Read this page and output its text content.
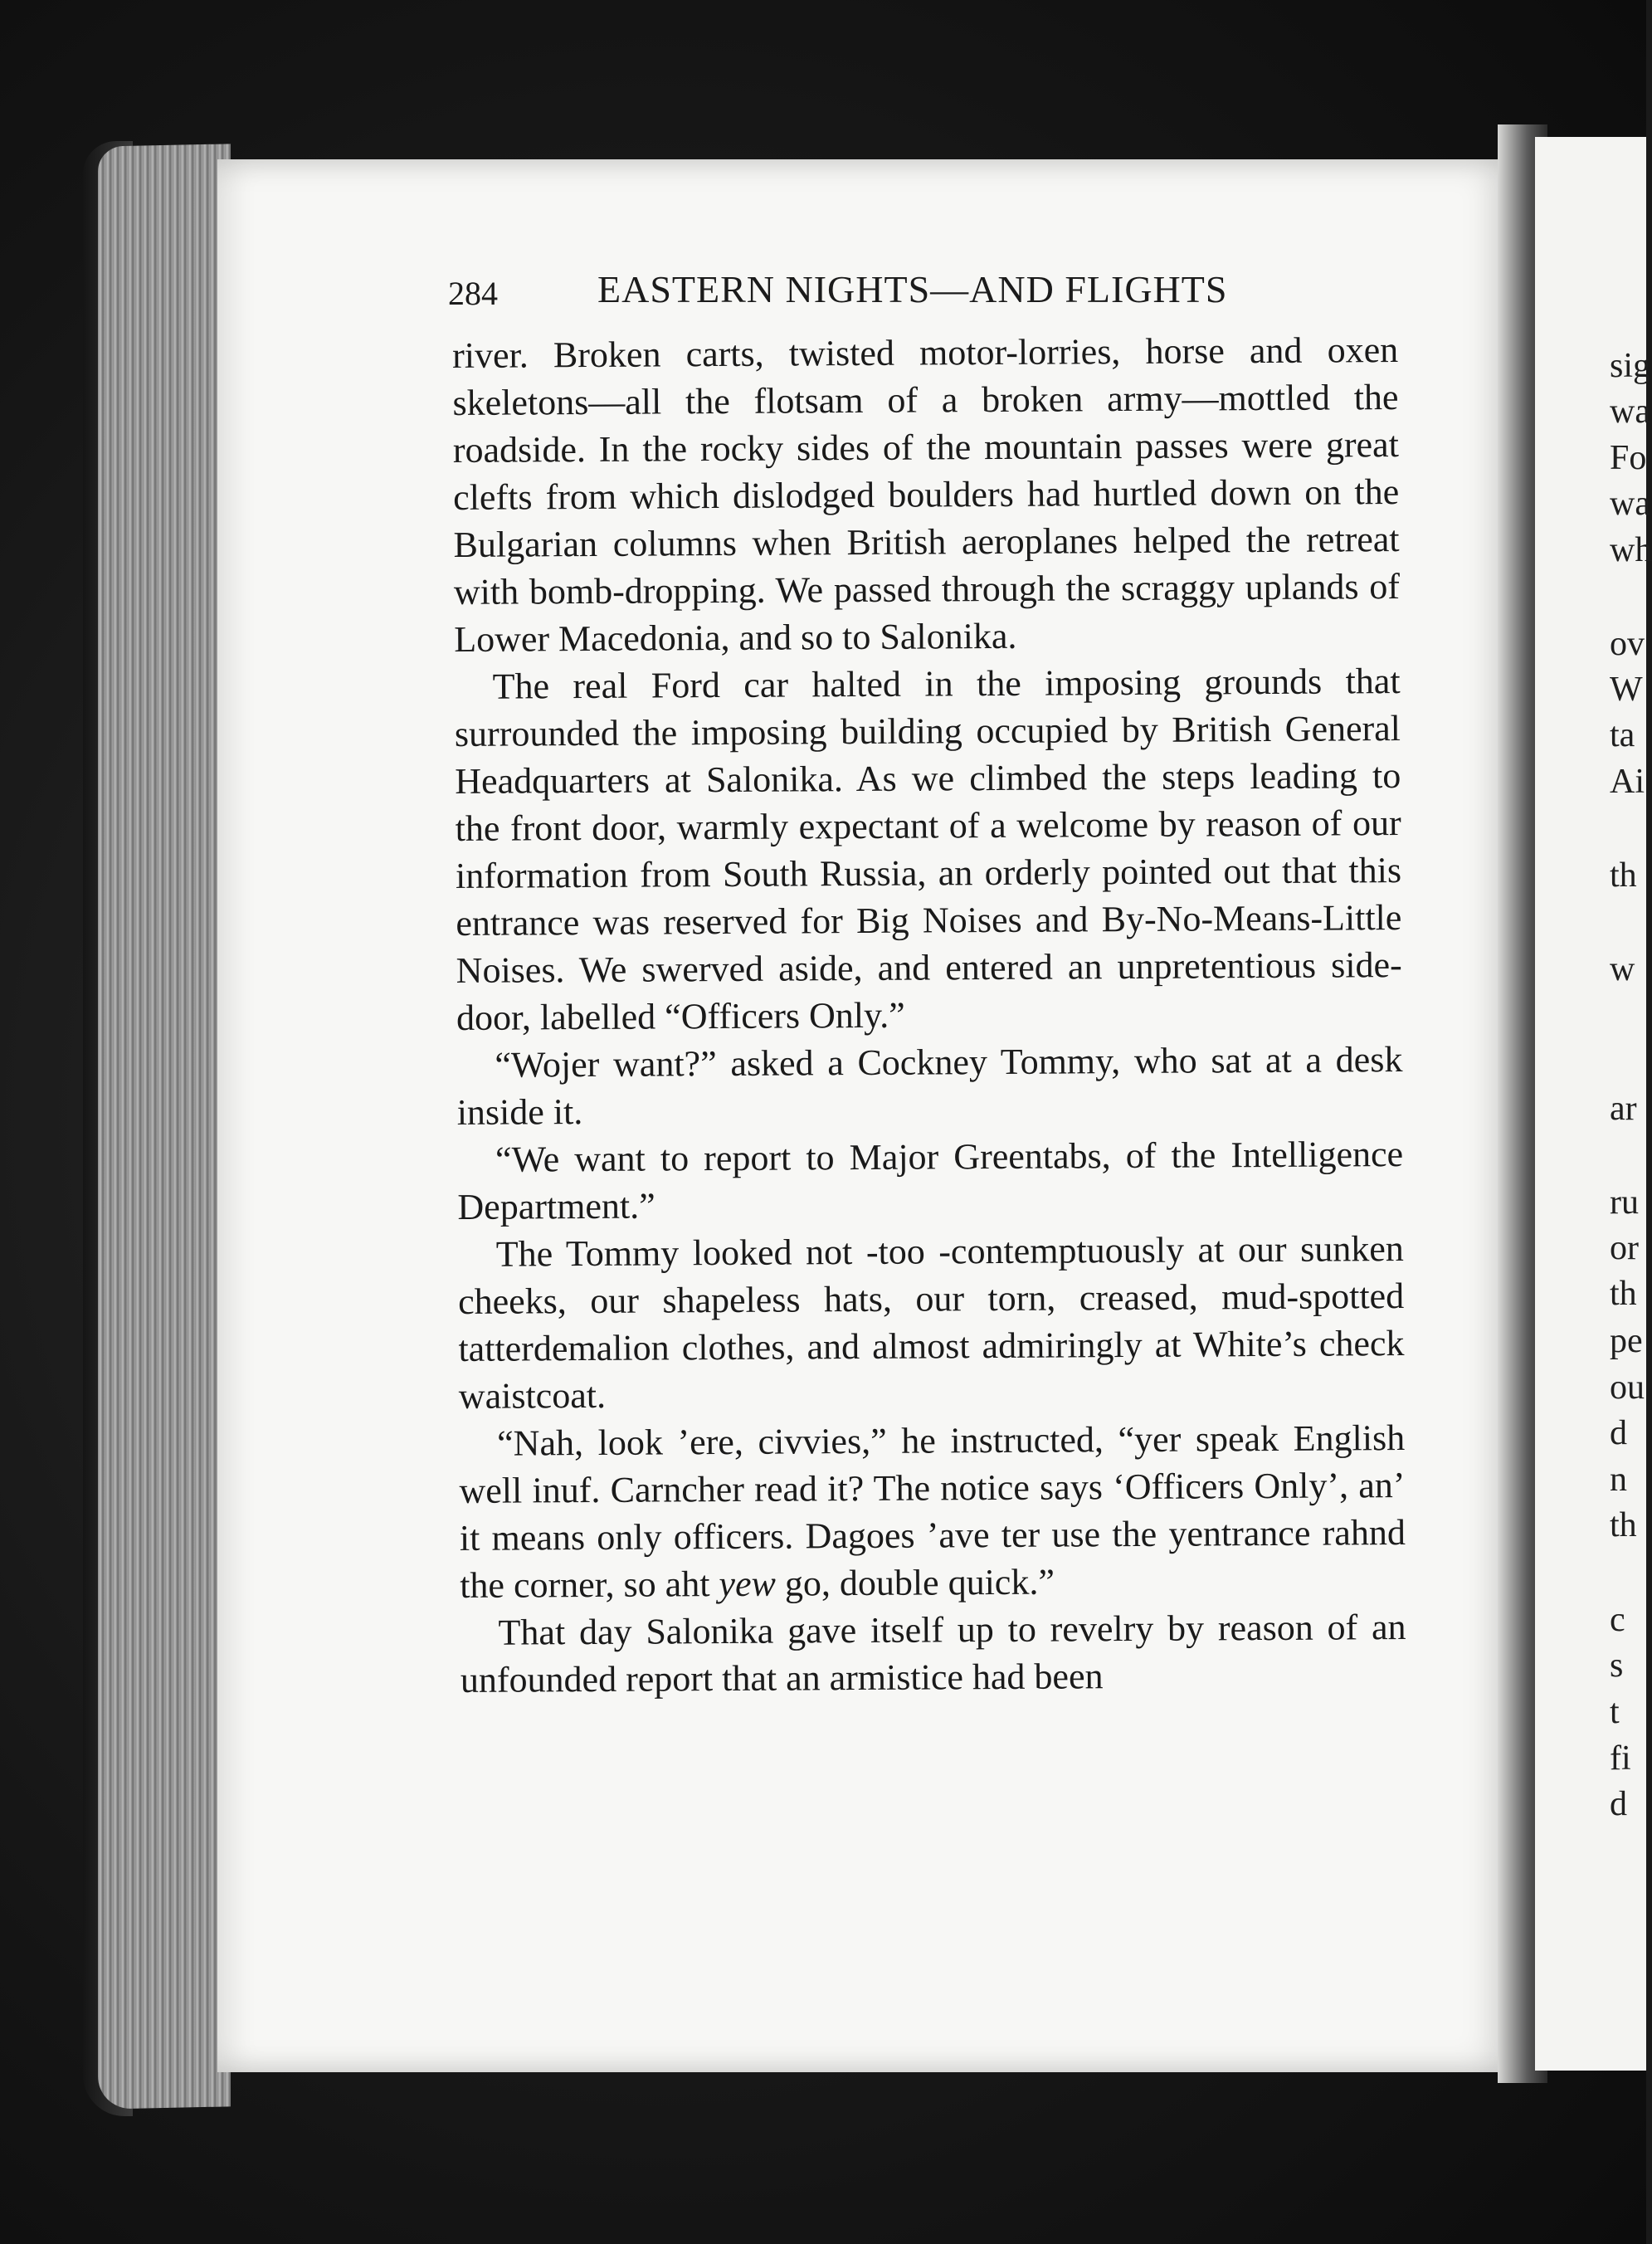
284	EASTERN NIGHTS—AND FLIGHTS

river. Broken carts, twisted motor-lorries, horse and oxen skeletons—all the flotsam of a broken army—mottled the roadside. In the rocky sides of the mountain passes were great clefts from which dislodged boulders had hurtled down on the Bulgarian columns when British aeroplanes helped the retreat with bomb-dropping. We passed through the scraggy uplands of Lower Macedonia, and so to Salonika.

The real Ford car halted in the imposing grounds that surrounded the imposing building occupied by British General Headquarters at Salonika. As we climbed the steps leading to the front door, warmly expectant of a welcome by reason of our information from South Russia, an orderly pointed out that this entrance was reserved for Big Noises and By-No-Means-Little Noises. We swerved aside, and entered an unpretentious side-door, labelled “Officers Only.”

“Wojer want?” asked a Cockney Tommy, who sat at a desk inside it.

“We want to report to Major Greentabs, of the Intelligence Department.”

The Tommy looked not -too -contemptuously at our sunken cheeks, our shapeless hats, our torn, creased, mud-spotted tatterdemalion clothes, and almost admiringly at White’s check waistcoat.

“Nah, look ’ere, civvies,” he instructed, “yer speak English well inuf. Carncher read it? The notice says ‘Officers Only’, an’ it means only officers. Dagoes ’ave ter use the yentrance rahnd the corner, so aht yew go, double quick.”

That day Salonika gave itself up to revelry by reason of an unfounded report that an armistice had been

sig
wa
Fo
wa
wh
ov
W
ta
Ai
th
w
ar
ru
or
th
pe
ou
d
n
th
c
s
t
fi
d
